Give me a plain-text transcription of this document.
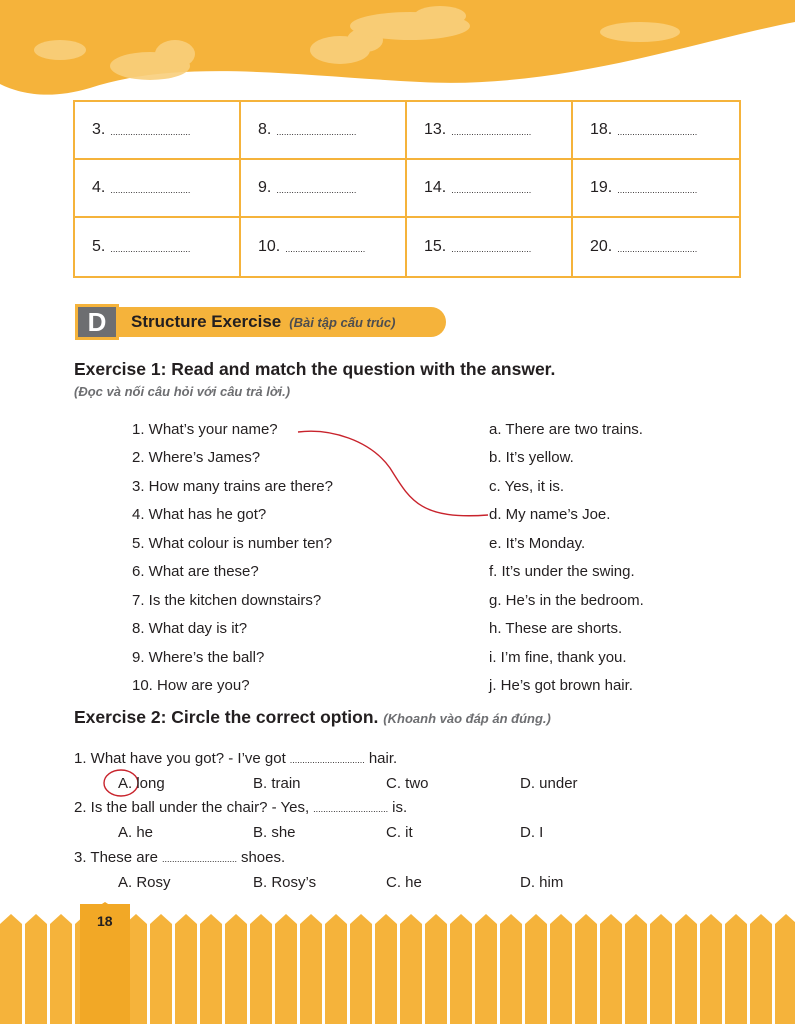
3. ................................	8. ................................	13. ................................	18. ................................
4. ................................	9. ................................	14. ................................	19. ................................
5. ................................	10. ................................	15. ................................	20. ................................
Structure Exercise (Bài tập cấu trúc)
D
Exercise 1: Read and match the question with the answer.
(Đọc và nối câu hỏi với câu trả lời.)
1. What’s your name?
2. Where’s James?
3. How many trains are there?
4. What has he got?
5. What colour is number ten?
6. What are these?
7. Is the kitchen downstairs?
8. What day is it?
9. Where’s the ball?
10. How are you?
a. There are two trains.
b. It’s yellow.
c. Yes, it is.
d. My name’s Joe.
e. It’s Monday.
f. It’s under the swing.
g. He’s in the bedroom.
h. These are shorts.
i. I’m fine, thank you.
j. He’s got brown hair.
Exercise 2: Circle the correct option. (Khoanh vào đáp án đúng.)
1. What have you got? - I’ve got .............................. hair.
A. long	B. train	C. two	D. under
2. Is the ball under the chair? - Yes, .............................. is.
A. he	B. she	C. it	D. I
3. These are .............................. shoes.
A. Rosy	B. Rosy’s	C. he	D. him
18
